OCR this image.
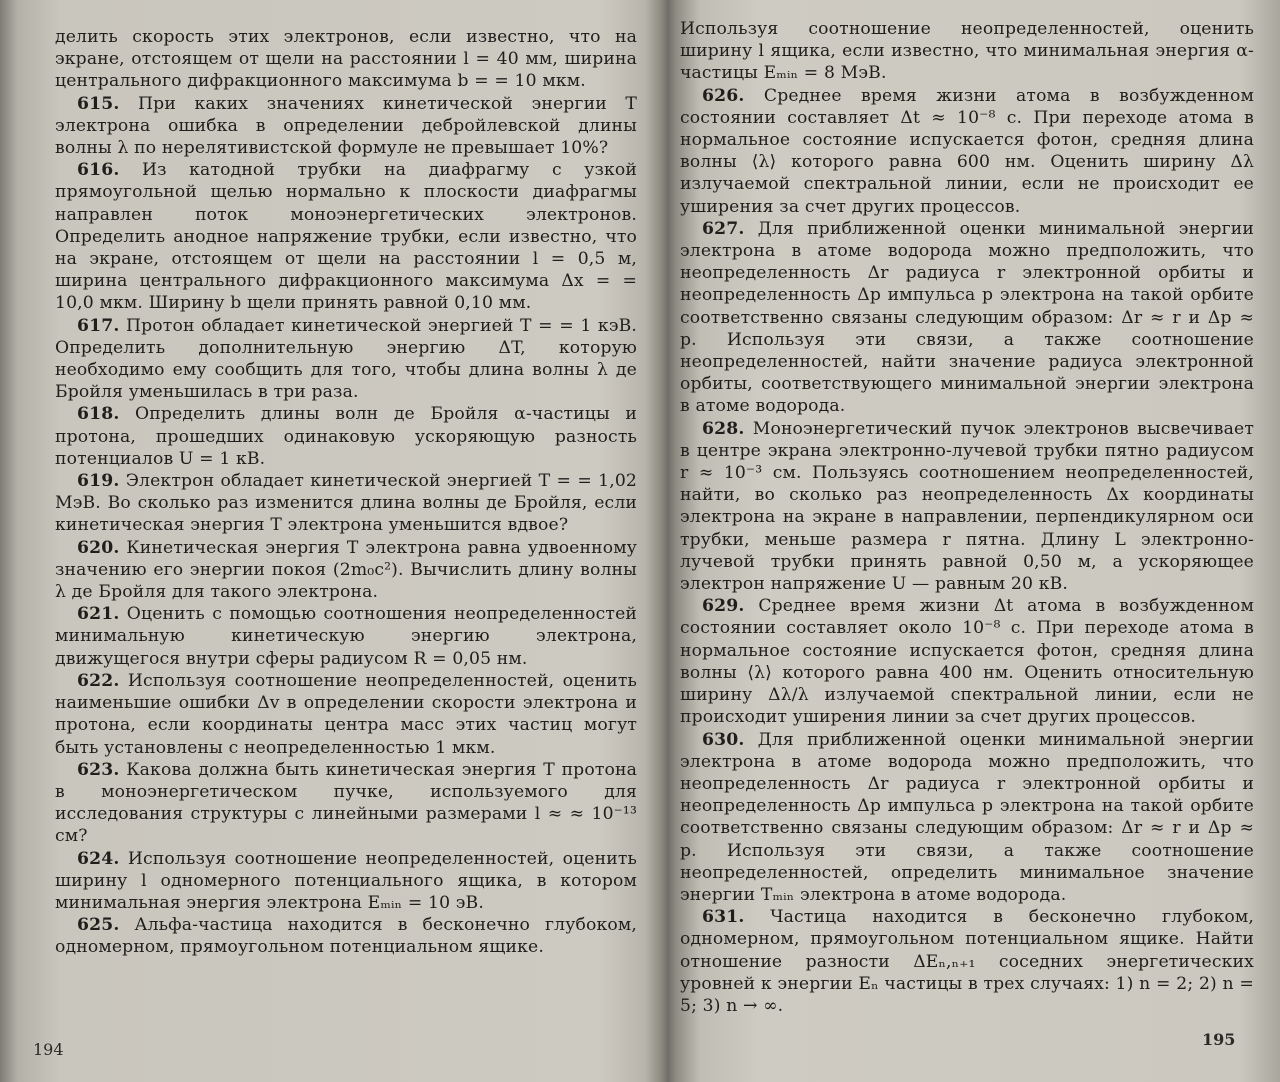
делить скорость этих электронов, если известно, что на экране, отстоящем от щели на расстоянии l = 40 мм, ширина центрального дифракционного максимума b = = 10 мкм.

615. При каких значениях кинетической энергии T электрона ошибка в определении дебройлевской длины волны λ по нерелятивистской формуле не превышает 10%?

616. Из катодной трубки на диафрагму с узкой прямоугольной щелью нормально к плоскости диафрагмы направлен поток моноэнергетических электронов. Определить анодное напряжение трубки, если известно, что на экране, отстоящем от щели на расстоянии l = 0,5 м, ширина центрального дифракционного максимума Δx = = 10,0 мкм. Ширину b щели принять равной 0,10 мм.

617. Протон обладает кинетической энергией T = = 1 кэВ. Определить дополнительную энергию ΔT, которую необходимо ему сообщить для того, чтобы длина волны λ де Бройля уменьшилась в три раза.

618. Определить длины волн де Бройля α-частицы и протона, прошедших одинаковую ускоряющую разность потенциалов U = 1 кВ.

619. Электрон обладает кинетической энергией T = = 1,02 МэВ. Во сколько раз изменится длина волны де Бройля, если кинетическая энергия T электрона уменьшится вдвое?

620. Кинетическая энергия T электрона равна удвоенному значению его энергии покоя (2m₀c²). Вычислить длину волны λ де Бройля для такого электрона.

621. Оценить с помощью соотношения неопределенностей минимальную кинетическую энергию электрона, движущегося внутри сферы радиусом R = 0,05 нм.

622. Используя соотношение неопределенностей, оценить наименьшие ошибки Δv в определении скорости электрона и протона, если координаты центра масс этих частиц могут быть установлены с неопределенностью 1 мкм.

623. Какова должна быть кинетическая энергия T протона в моноэнергетическом пучке, используемого для исследования структуры с линейными размерами l ≈ ≈ 10⁻¹³ см?

624. Используя соотношение неопределенностей, оценить ширину l одномерного потенциального ящика, в котором минимальная энергия электрона Eₘᵢₙ = 10 эВ.

625. Альфа-частица находится в бесконечно глубоком, одномерном, прямоугольном потенциальном ящике.

Используя соотношение неопределенностей, оценить ширину l ящика, если известно, что минимальная энергия α-частицы Eₘᵢₙ = 8 МэВ.

626. Среднее время жизни атома в возбужденном состоянии составляет Δt ≈ 10⁻⁸ с. При переходе атома в нормальное состояние испускается фотон, средняя длина волны ⟨λ⟩ которого равна 600 нм. Оценить ширину Δλ излучаемой спектральной линии, если не происходит ее уширения за счет других процессов.

627. Для приближенной оценки минимальной энергии электрона в атоме водорода можно предположить, что неопределенность Δr радиуса r электронной орбиты и неопределенность Δp импульса p электрона на такой орбите соответственно связаны следующим образом: Δr ≈ r и Δp ≈ p. Используя эти связи, а также соотношение неопределенностей, найти значение радиуса электронной орбиты, соответствующего минимальной энергии электрона в атоме водорода.

628. Моноэнергетический пучок электронов высвечивает в центре экрана электронно-лучевой трубки пятно радиусом r ≈ 10⁻³ см. Пользуясь соотношением неопределенностей, найти, во сколько раз неопределенность Δx координаты электрона на экране в направлении, перпендикулярном оси трубки, меньше размера r пятна. Длину L электронно-лучевой трубки принять равной 0,50 м, а ускоряющее электрон напряжение U — равным 20 кВ.

629. Среднее время жизни Δt атома в возбужденном состоянии составляет около 10⁻⁸ с. При переходе атома в нормальное состояние испускается фотон, средняя длина волны ⟨λ⟩ которого равна 400 нм. Оценить относительную ширину Δλ/λ излучаемой спектральной линии, если не происходит уширения линии за счет других процессов.

630. Для приближенной оценки минимальной энергии электрона в атоме водорода можно предположить, что неопределенность Δr радиуса r электронной орбиты и неопределенность Δp импульса p электрона на такой орбите соответственно связаны следующим образом: Δr ≈ r и Δp ≈ p. Используя эти связи, а также соотношение неопределенностей, определить минимальное значение энергии Tₘᵢₙ электрона в атоме водорода.

631. Частица находится в бесконечно глубоком, одномерном, прямоугольном потенциальном ящике. Найти отношение разности ΔEₙ,ₙ₊₁ соседних энергетических уровней к энергии Eₙ частицы в трех случаях: 1) n = 2; 2) n = 5; 3) n → ∞.

194
195
